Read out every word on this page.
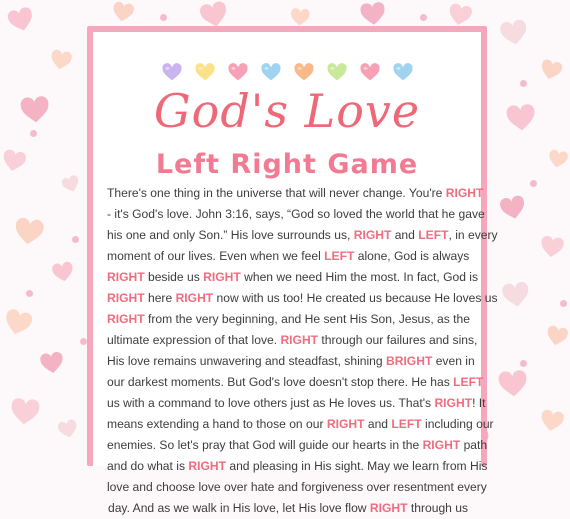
God's Love
Left Right Game
There's one thing in the universe that will never change. You're RIGHT
- it's God's love. John 3:16, says, “God so loved the world that he gave
his one and only Son.” His love surrounds us, RIGHT and LEFT, in every
moment of our lives. Even when we feel LEFT alone, God is always
RIGHT beside us RIGHT when we need Him the most. In fact, God is
RIGHT here RIGHT now with us too! He created us because He loves us
RIGHT from the very beginning, and He sent His Son, Jesus, as the
ultimate expression of that love. RIGHT through our failures and sins,
His love remains unwavering and steadfast, shining BRIGHT even in
our darkest moments. But God's love doesn't stop there. He has LEFT
us with a command to love others just as He loves us. That's RIGHT! It
means extending a hand to those on our RIGHT and LEFT including our
enemies. So let's pray that God will guide our hearts in the RIGHT path
and do what is RIGHT and pleasing in His sight. May we learn from His
love and choose love over hate and forgiveness over resentment every
day. And as we walk in His love, let His love flow RIGHT through us
